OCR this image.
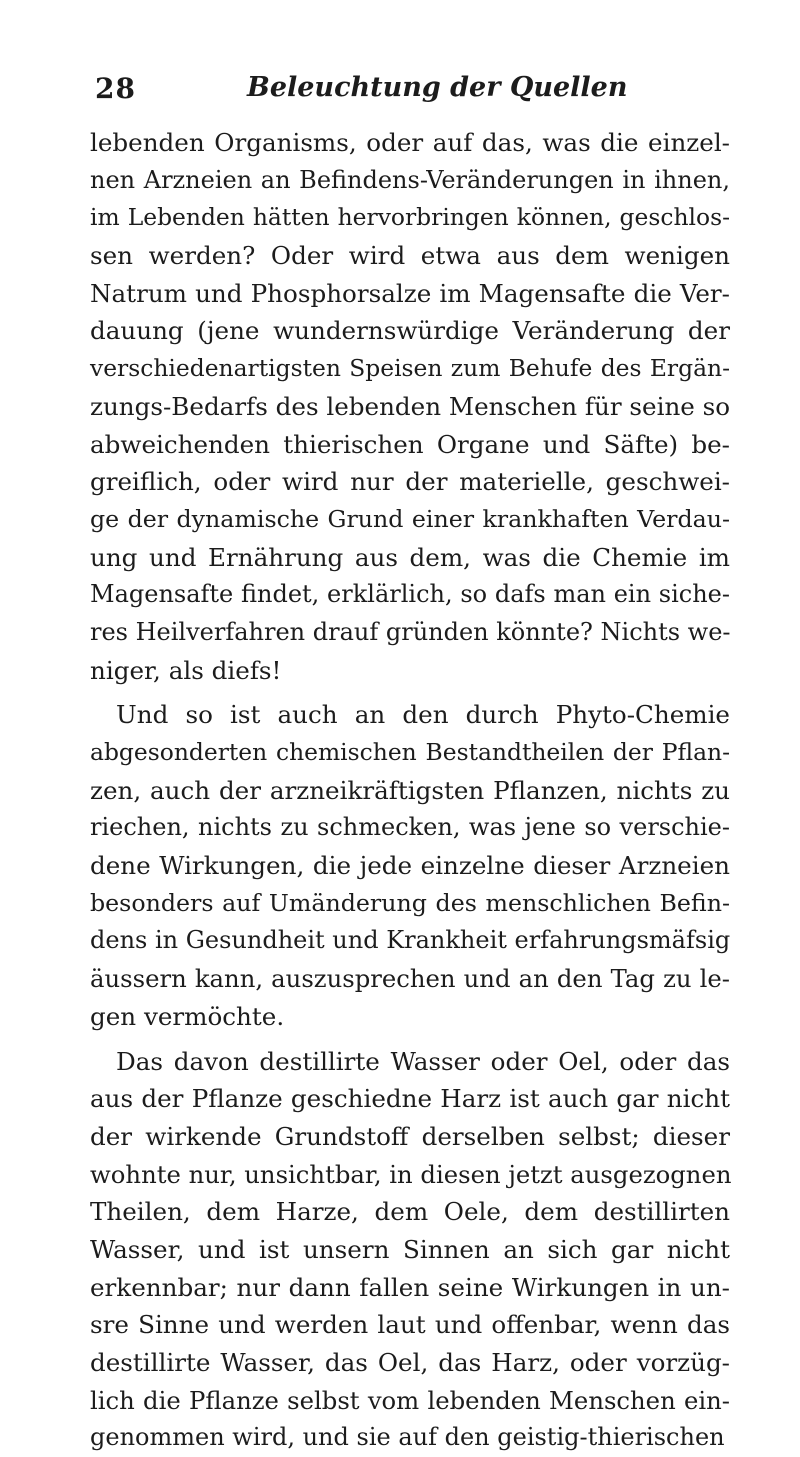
28	Beleuchtung der Quellen
lebenden Organisms, oder auf das, was die einzel-
nen Arzneien an Befindens-Veränderungen in ihnen,
im Lebenden hätten hervorbringen können, geschlos-
sen werden? Oder wird etwa aus dem wenigen
Natrum und Phosphorsalze im Magensafte die Ver-
dauung (jene wundernswürdige Veränderung der
verschiedenartigsten Speisen zum Behufe des Ergän-
zungs-Bedarfs des lebenden Menschen für seine so
abweichenden thierischen Organe und Säfte) be-
greiflich, oder wird nur der materielle, geschwei-
ge der dynamische Grund einer krankhaften Verdau-
ung und Ernährung aus dem, was die Chemie im
Magensafte findet, erklärlich, so dafs man ein siche-
res Heilverfahren drauf gründen könnte? Nichts we-
niger, als diefs!
Und so ist auch an den durch Phyto-Chemie
abgesonderten chemischen Bestandtheilen der Pflan-
zen, auch der arzneikräftigsten Pflanzen, nichts zu
riechen, nichts zu schmecken, was jene so verschie-
dene Wirkungen, die jede einzelne dieser Arzneien
besonders auf Umänderung des menschlichen Befin-
dens in Gesundheit und Krankheit erfahrungsmäfsig
äussern kann, auszusprechen und an den Tag zu le-
gen vermöchte.
Das davon destillirte Wasser oder Oel, oder das
aus der Pflanze geschiedne Harz ist auch gar nicht
der wirkende Grundstoff derselben selbst; dieser
wohnte nur, unsichtbar, in diesen jetzt ausgezognen
Theilen, dem Harze, dem Oele, dem destillirten
Wasser, und ist unsern Sinnen an sich gar nicht
erkennbar; nur dann fallen seine Wirkungen in un-
sre Sinne und werden laut und offenbar, wenn das
destillirte Wasser, das Oel, das Harz, oder vorzüg-
lich die Pflanze selbst vom lebenden Menschen ein-
genommen wird, und sie auf den geistig-thierischen
